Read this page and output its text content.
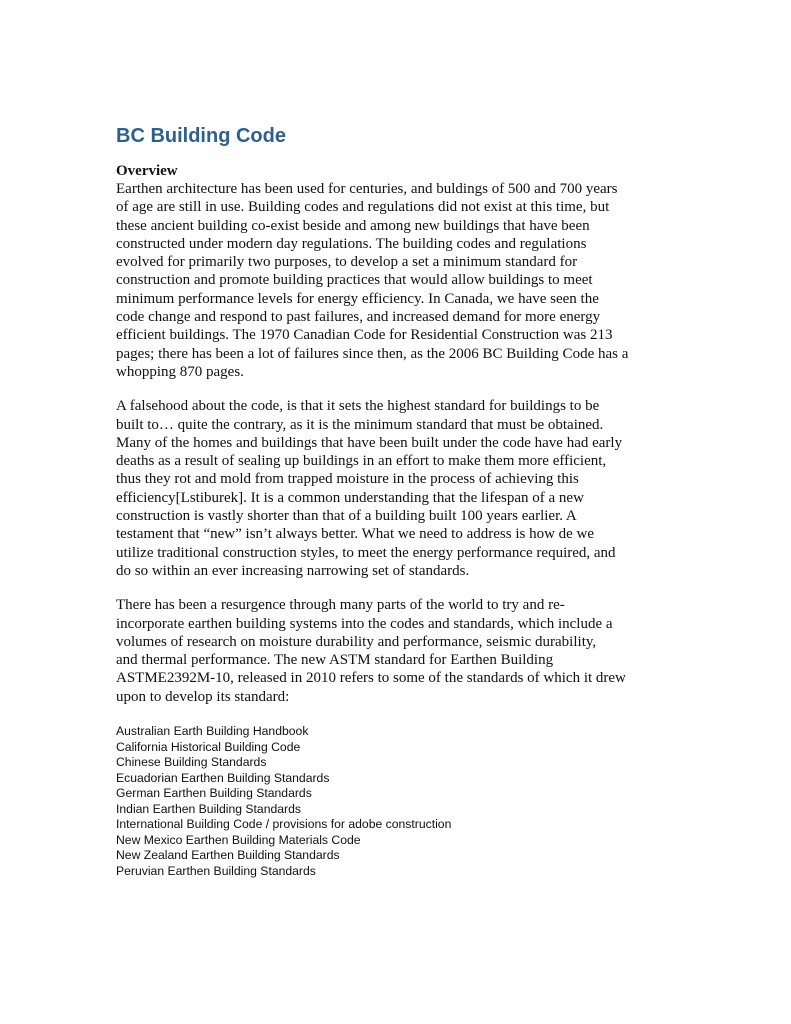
BC Building Code
Overview

Earthen architecture has been used for centuries, and buldings of 500 and 700 years
of age are still in use. Building codes and regulations did not exist at this time, but
these ancient building co-exist beside and among new buildings that have been
constructed under modern day regulations. The building codes and regulations
evolved for primarily two purposes, to develop a set a minimum standard for
construction and promote building practices that would allow buildings to meet
minimum performance levels for energy efficiency. In Canada, we have seen the
code change and respond to past failures, and increased demand for more energy
efficient buildings. The 1970 Canadian Code for Residential Construction was 213
pages; there has been a lot of failures since then, as the 2006 BC Building Code has a
whopping 870 pages.

A falsehood about the code, is that it sets the highest standard for buildings to be
built to… quite the contrary, as it is the minimum standard that must be obtained.
Many of the homes and buildings that have been built under the code have had early
deaths as a result of sealing up buildings in an effort to make them more efficient,
thus they rot and mold from trapped moisture in the process of achieving this
efficiency[Lstiburek]. It is a common understanding that the lifespan of a new
construction is vastly shorter than that of a building built 100 years earlier. A
testament that “new” isn’t always better. What we need to address is how de we
utilize traditional construction styles, to meet the energy performance required, and
do so within an ever increasing narrowing set of standards.

There has been a resurgence through many parts of the world to try and re-
incorporate earthen building systems into the codes and standards, which include a
volumes of research on moisture durability and performance, seismic durability,
and thermal performance. The new ASTM standard for Earthen Building
ASTME2392M-10, released in 2010 refers to some of the standards of which it drew
upon to develop its standard:

Australian Earth Building Handbook
California Historical Building Code
Chinese Building Standards
Ecuadorian Earthen Building Standards
German Earthen Building Standards
Indian Earthen Building Standards
International Building Code / provisions for adobe construction
New Mexico Earthen Building Materials Code
New Zealand Earthen Building Standards
Peruvian Earthen Building Standards
